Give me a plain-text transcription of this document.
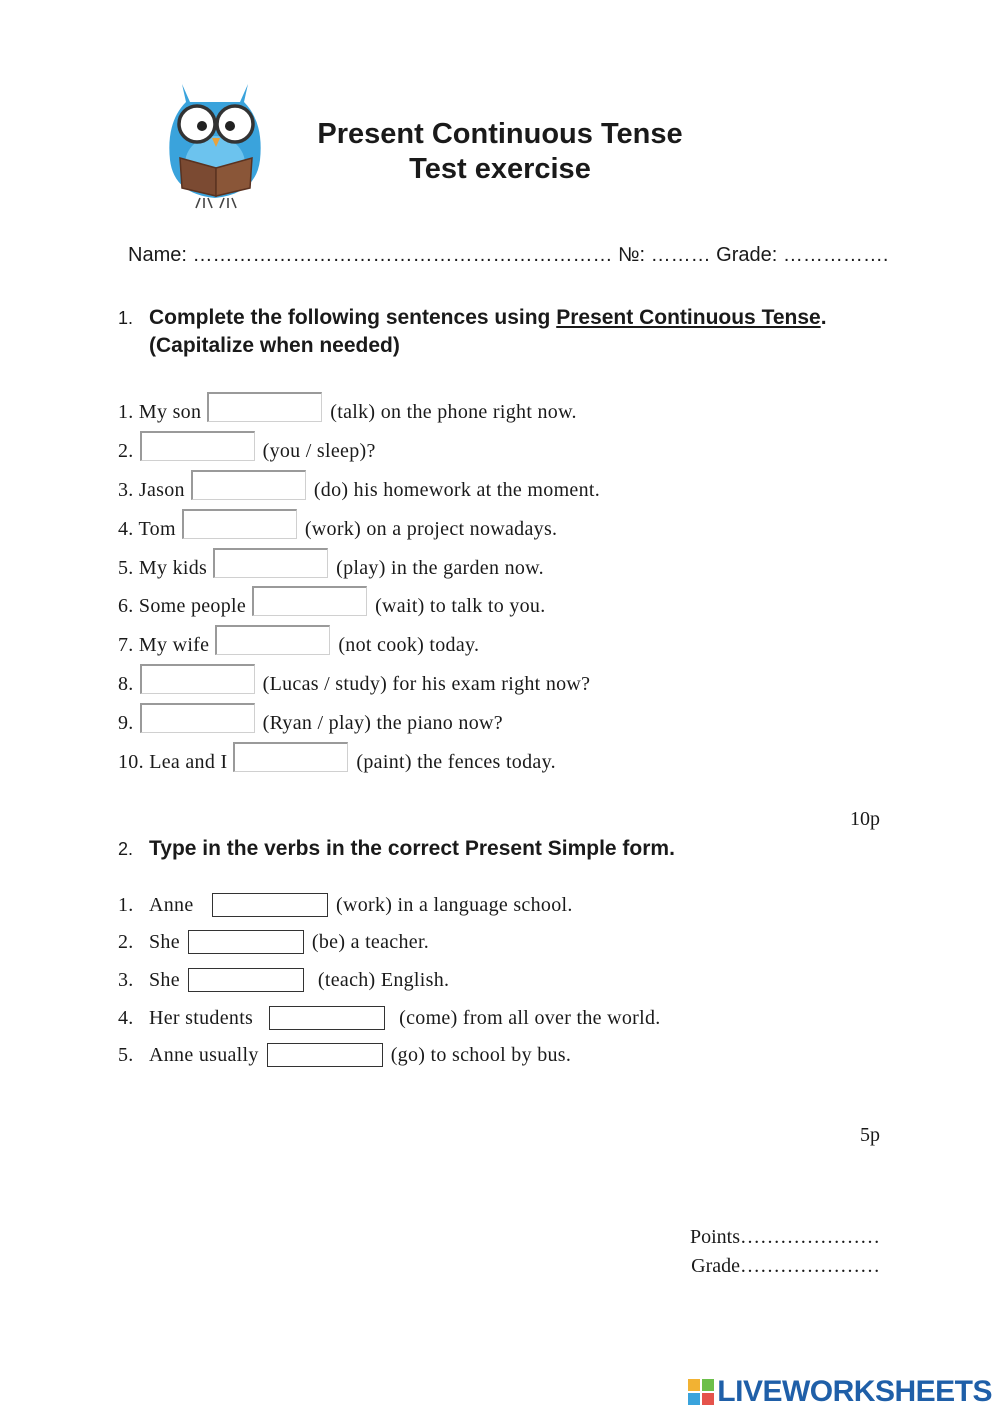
Present Continuous Tense
Test exercise
Name: ……………………………………………………… №: ……… Grade: …………….
1. Complete the following sentences using Present Continuous Tense.
(Capitalize when needed)
1. My son	(talk) on the phone right now.
2.	(you / sleep)?
3. Jason	(do) his homework at the moment.
4. Tom	(work) on a project nowadays.
5. My kids	(play) in the garden now.
6. Some people	(wait) to talk to you.
7. My wife	(not cook) today.
8.	(Lucas / study) for his exam right now?
9.	(Ryan / play) the piano now?
10. Lea and I	(paint) the fences today.
10p
2. Type in the verbs in the correct Present Simple form.
1. Anne	(work) in a language school.
2. She	(be) a teacher.
3. She	(teach) English.
4. Her students	(come) from all over the world.
5. Anne usually	(go) to school by bus.
5p
Points…………………
Grade…………………
LIVEWORKSHEETS
